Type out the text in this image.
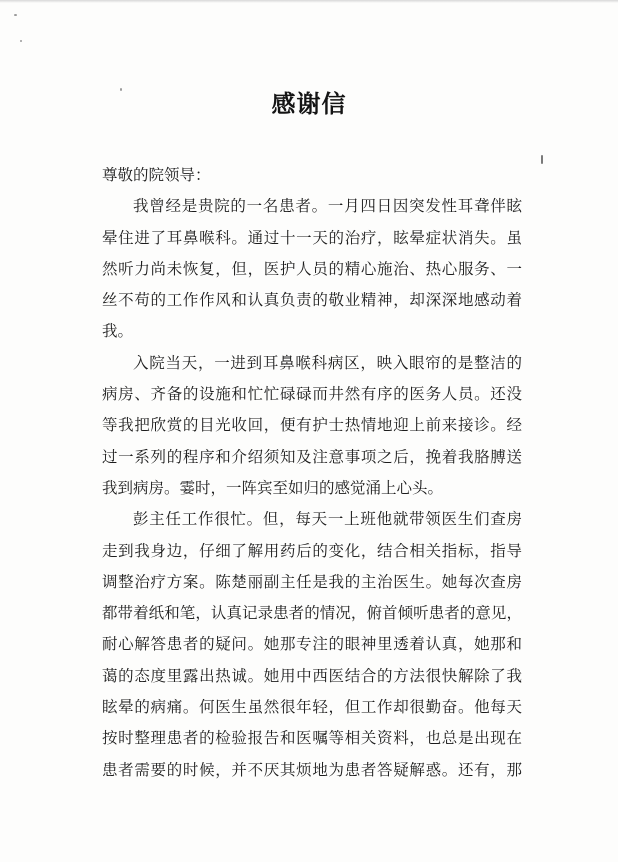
感谢信
尊敬的院领导：
我曾经是贵院的一名患者。一月四日因突发性耳聋伴眩
晕住进了耳鼻喉科。通过十一天的治疗，眩晕症状消失。虽
然听力尚未恢复，但，医护人员的精心施治、热心服务、一
丝不苟的工作作风和认真负责的敬业精神，却深深地感动着
我。
入院当天，一进到耳鼻喉科病区，映入眼帘的是整洁的
病房、齐备的设施和忙忙碌碌而井然有序的医务人员。还没
等我把欣赏的目光收回，便有护士热情地迎上前来接诊。经
过一系列的程序和介绍须知及注意事项之后，挽着我胳膊送
我到病房。霎时，一阵宾至如归的感觉涌上心头。
彭主任工作很忙。但，每天一上班他就带领医生们查房
走到我身边，仔细了解用药后的变化，结合相关指标，指导
调整治疗方案。陈楚丽副主任是我的主治医生。她每次查房
都带着纸和笔，认真记录患者的情况，俯首倾听患者的意见，
耐心解答患者的疑问。她那专注的眼神里透着认真，她那和
蔼的态度里露出热诚。她用中西医结合的方法很快解除了我
眩晕的病痛。何医生虽然很年轻，但工作却很勤奋。他每天
按时整理患者的检验报告和医嘱等相关资料，也总是出现在
患者需要的时候，并不厌其烦地为患者答疑解惑。还有，那
